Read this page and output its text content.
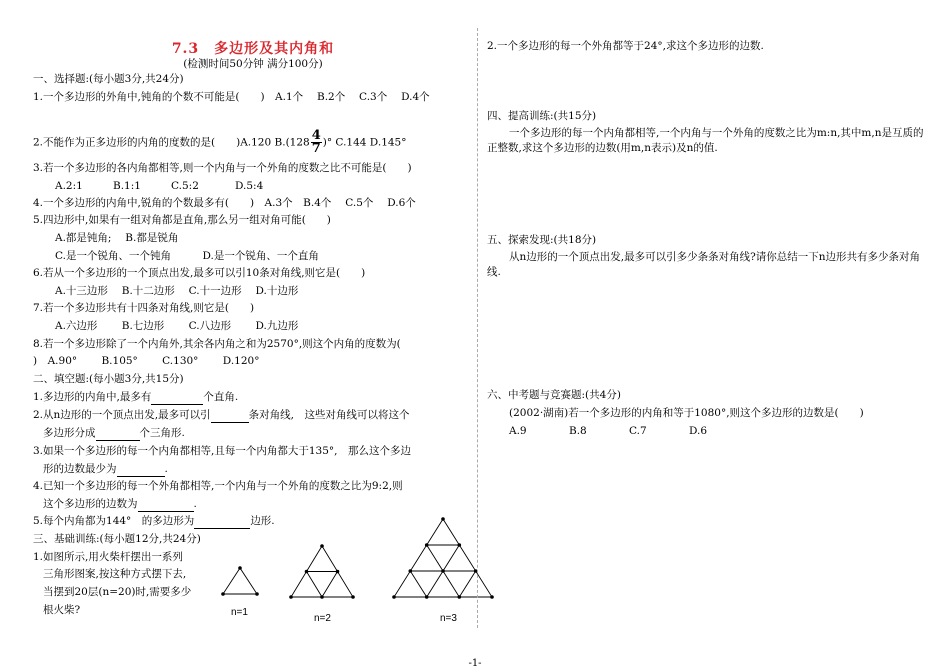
7.3　多边形及其内角和
(检测时间50分钟 满分100分)
一、选择题:(每小题3分,共24分)
1.一个多边形的外角中,钝角的个数不可能是(　　)　A.1个　 B.2个　 C.3个　 D.4个
2.不能作为正多边形的内角的度数的是(　　)A.120 $B.(128 \frac{4}{7}$ )° C.144 D.145°
3.若一个多边形的各内角都相等,则一个内角与一个外角的度数之比不可能是(　　)
A.2:1	B.1:1	C.5:2	D.5:4
4.一个多边形的内角中,锐角的个数最多有(　　)　A.3个　B.4个　 C.5个　 D.6个
5.四边形中,如果有一组对角都是直角,那么另一组对角可能(　　)
A.都是钝角;　 B.都是锐角
C.是一个锐角、一个钝角　　　D.是一个锐角、一个直角
6.若从一个多边形的一个顶点出发,最多可以引10条对角线,则它是(　　)
A.十三边形　 B.十二边形　 C.十一边形　 D.十边形
7.若一个多边形共有十四条对角线,则它是(　　)
A.六边形　　 B.七边形　　 C.八边形　　 D.九边形
8.若一个多边形除了一个内角外,其余各内角之和为2570°,则这个内角的度数为(
)　A.90°　　 B.105°　　 C.130°　　 D.120°
二、填空题:(每小题3分,共15分)
1.多边形的内角中,最多有	个直角.
2.从n边形的一个顶点出发,最多可以引	条对角线,　这些对角线可以将这个
多边形分成	个三角形.
3.如果一个多边形的每一个内角都相等,且每一个内角都大于135°,　那么这个多边
形的边数最少为	.
4.已知一个多边形的每一个外角都相等,一个内角与一个外角的度数之比为9:2,则
这个多边形的边数为	.
5.每个内角都为144°　的多边形为	边形.
三、基础训练:(每小题12分,共24分)
1.如图所示,用火柴杆摆出一系列
三角形图案,按这种方式摆下去,
当摆到20层(n=20)时,需要多少
根火柴?	n=1
n=2	n=3
2.一个多边形的每一个外角都等于24°,求这个多边形的边数.
四、提高训练:(共15分)
一个多边形的每一个内角都相等,一个内角与一个外角的度数之比为m:n,其中m,n是互质的正整数,求这个多边形的边数(用m,n表示)及n的值.
五、探索发现:(共18分)
从n边形的一个顶点出发,最多可以引多少条条对角线?请你总结一下n边形共有多少条对角线.
六、中考题与竞赛题:(共4分)
(2002·湖南)若一个多边形的内角和等于1080°,则这个多边形的边数是(　　)
A.9	B.8	C.7	D.6
-1-
